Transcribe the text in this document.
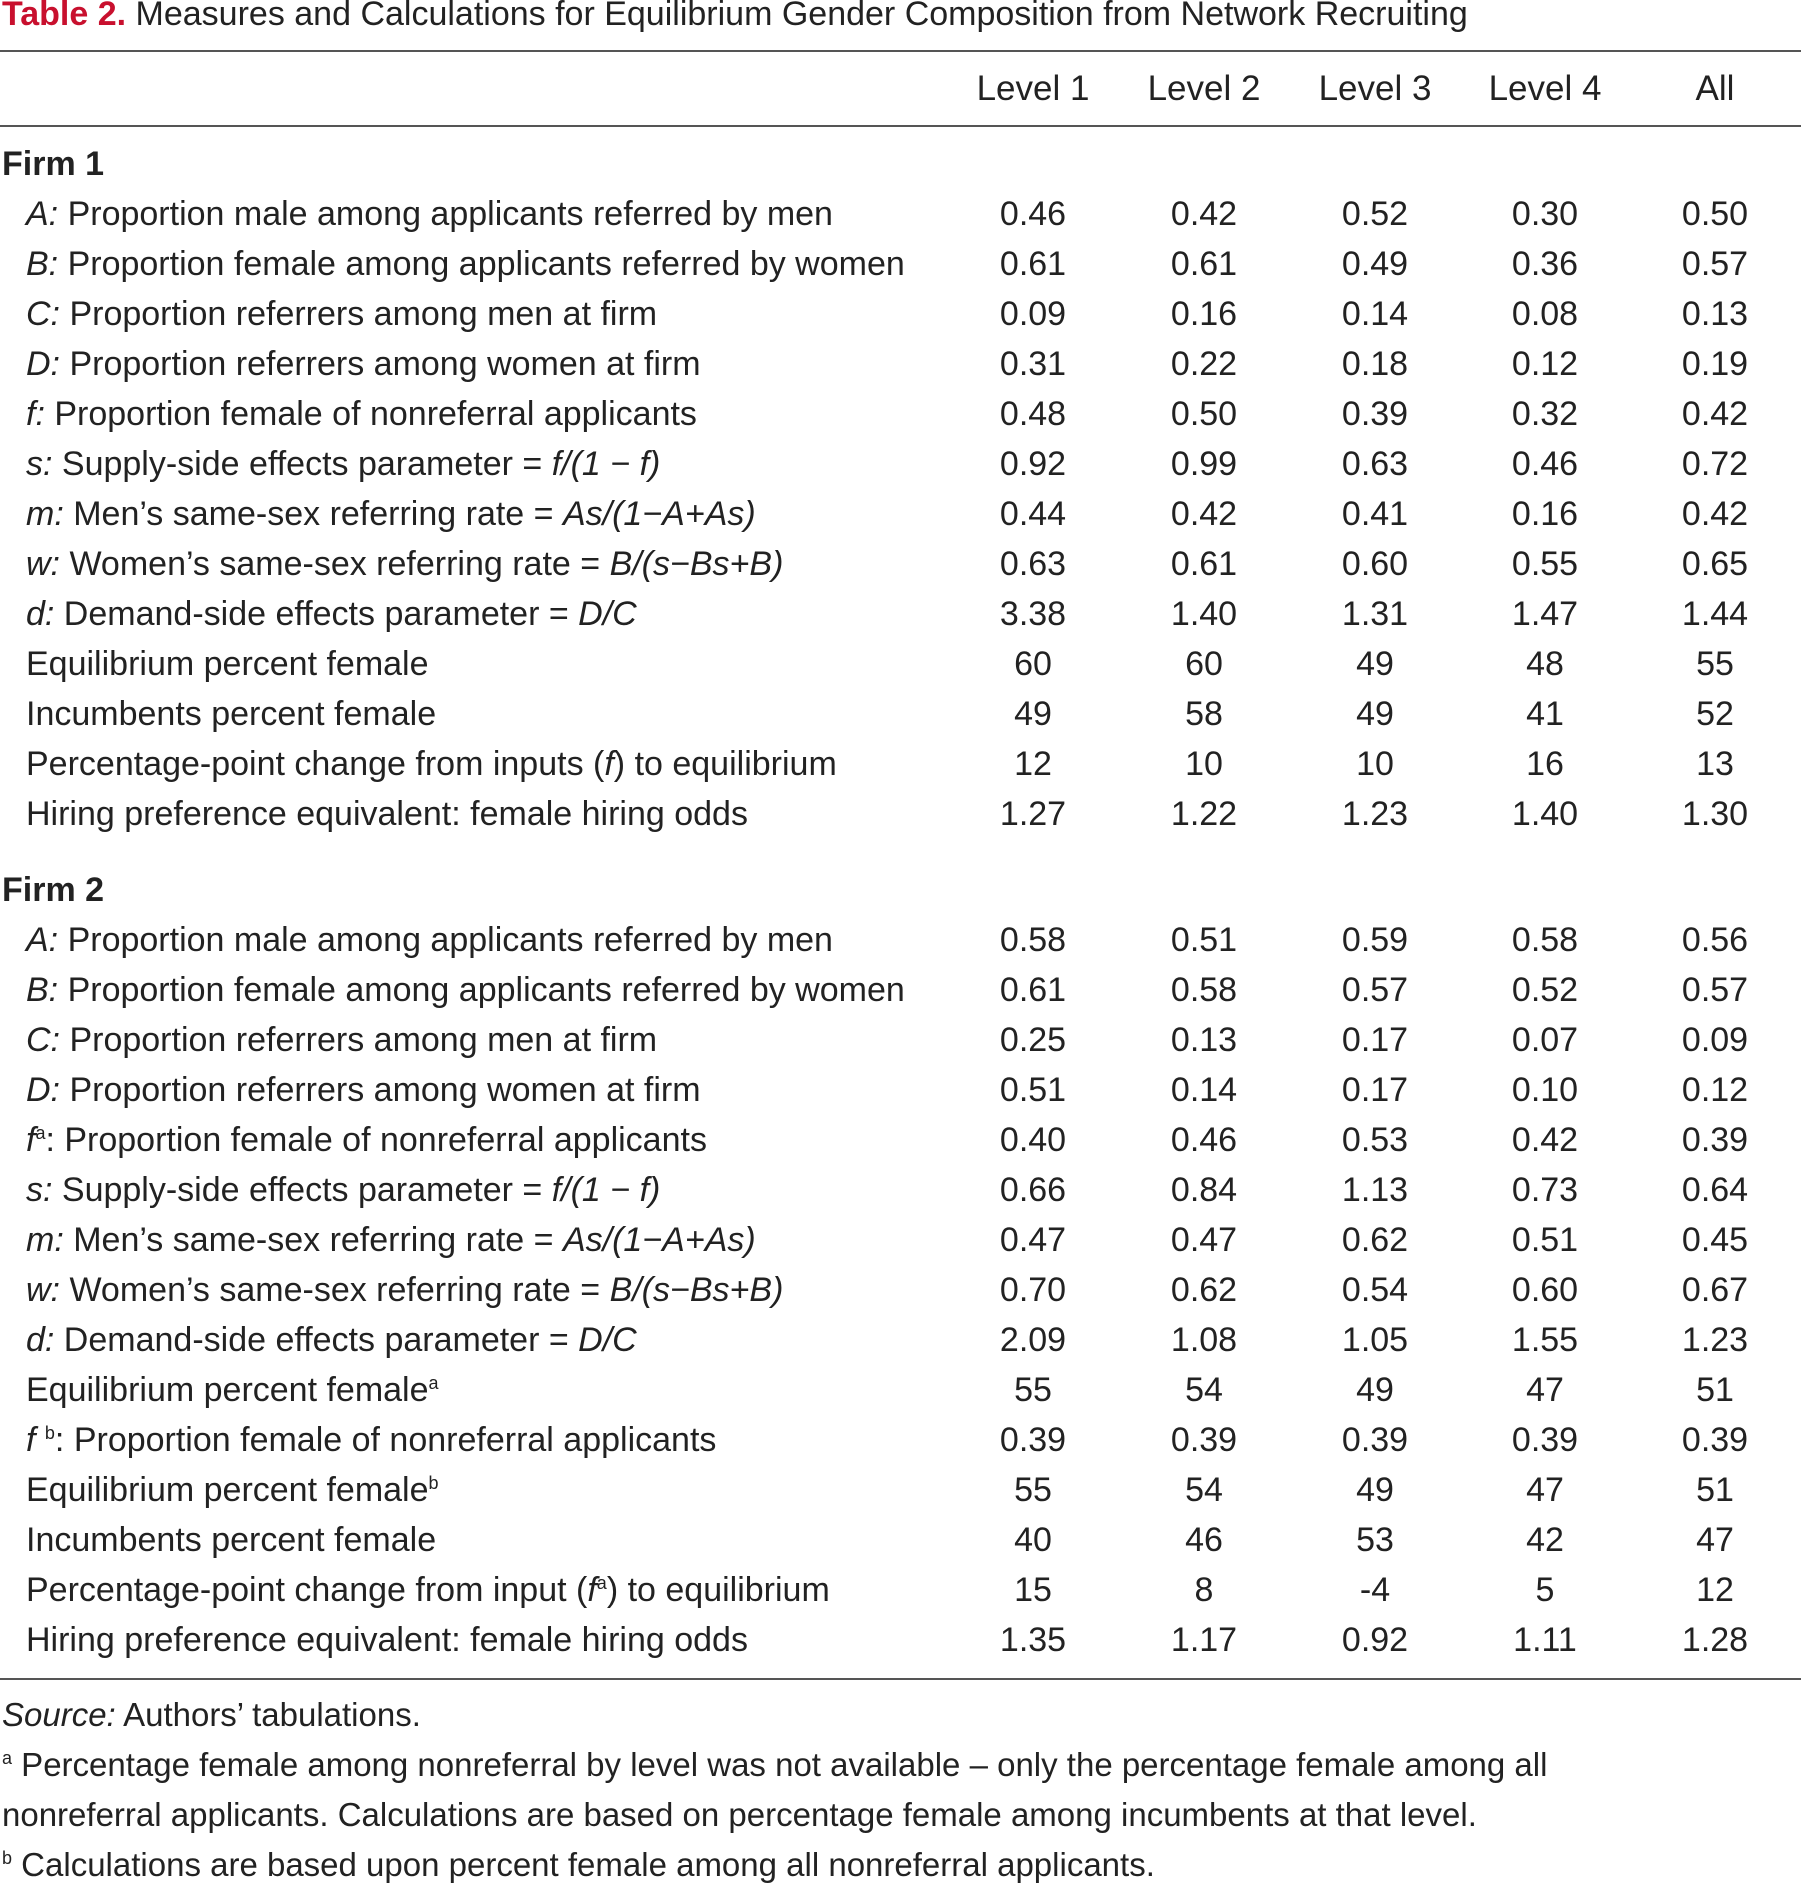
Table 2. Measures and Calculations for Equilibrium Gender Composition from Network Recruiting
Level 1 Level 2 Level 3 Level 4	All
Firm 1
A: Proportion male among applicants referred by men	0.46	0.42	0.52	0.30	0.50
B: Proportion female among applicants referred by women	0.61	0.61	0.49	0.36	0.57
C: Proportion referrers among men at firm	0.09	0.16	0.14	0.08	0.13
D: Proportion referrers among women at firm	0.31	0.22	0.18	0.12	0.19
f: Proportion female of nonreferral applicants	0.48	0.50	0.39	0.32	0.42
s: Supply-side effects parameter = f/(1 − f)	0.92	0.99	0.63	0.46	0.72
m: Men’s same-sex referring rate = As/(1−A+As)	0.44	0.42	0.41	0.16	0.42
w: Women’s same-sex referring rate = B/(s−Bs+B)	0.63	0.61	0.60	0.55	0.65
d: Demand-side effects parameter = D/C	3.38	1.40	1.31	1.47	1.44
Equilibrium percent female	60	60	49	48	55
Incumbents percent female	49	58	49	41	52
Percentage-point change from inputs (f) to equilibrium	12	10	10	16	13
Hiring preference equivalent: female hiring odds	1.27	1.22	1.23	1.40	1.30
Firm 2
A: Proportion male among applicants referred by men	0.58	0.51	0.59	0.58	0.56
B: Proportion female among applicants referred by women	0.61	0.58	0.57	0.52	0.57
C: Proportion referrers among men at firm	0.25	0.13	0.17	0.07	0.09
D: Proportion referrers among women at firm	0.51	0.14	0.17	0.10	0.12
$f^a$: Proportion female of nonreferral applicants	0.40	0.46	0.53	0.42	0.39
s: Supply-side effects parameter = f/(1 − f)	0.66	0.84	1.13	0.73	0.64
m: Men’s same-sex referring rate = As/(1−A+As)	0.47	0.47	0.62	0.51	0.45
w: Women’s same-sex referring rate = B/(s−Bs+B)	0.70	0.62	0.54	0.60	0.67
d: Demand-side effects parameter = D/C	2.09	1.08	1.05	1.55	1.23
Equilibrium percent female$^a$	55	54	49	47	51
f $^b$: Proportion female of nonreferral applicants	0.39	0.39	0.39	0.39	0.39
Equilibrium percent female$^b$	55	54	49	47	51
Incumbents percent female	40	46	53	42	47
Percentage-point change from input $(f^a)$ to equilibrium	15	8	-4	5	12
Hiring preference equivalent: female hiring odds	1.35	1.17	0.92	1.11	1.28
Source: Authors’ tabulations.
$^a$ Percentage female among nonreferral by level was not available – only the percentage female among all
nonreferral applicants. Calculations are based on percentage female among incumbents at that level.
$^b$ Calculations are based upon percent female among all nonreferral applicants.
